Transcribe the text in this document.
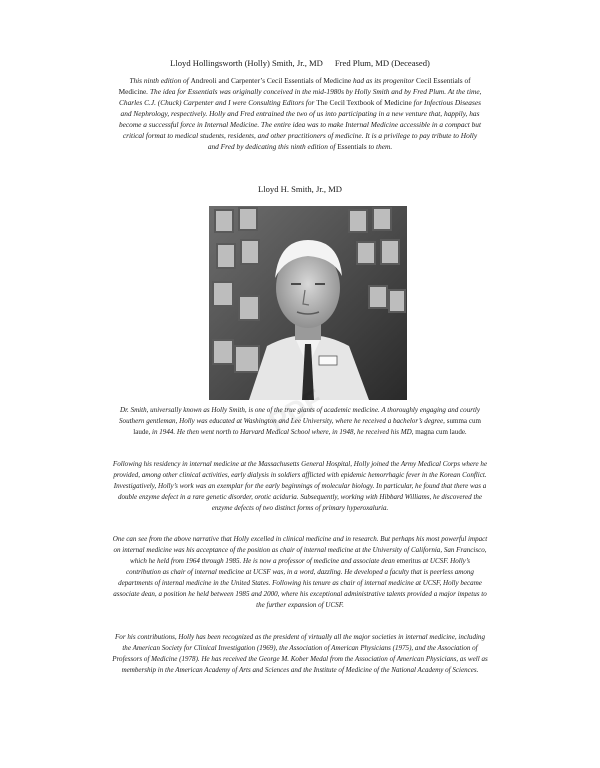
Lloyd Hollingsworth (Holly) Smith, Jr., MD Fred Plum, MD (Deceased)
This ninth edition of Andreoli and Carpenter’s Cecil Essentials of Medicine had as its progenitor Cecil Essentials of Medicine. The idea for Essentials was originally conceived in the mid-1980s by Holly Smith and by Fred Plum. At the time, Charles C.J. (Chuck) Carpenter and I were Consulting Editors for The Cecil Textbook of Medicine for Infectious Diseases and Nephrology, respectively. Holly and Fred entrained the two of us into participating in a new venture that, happily, has become a successful force in Internal Medicine. The entire idea was to make Internal Medicine accessible in a compact but critical format to medical students, residents, and other practitioners of medicine. It is a privilege to pay tribute to Holly and Fred by dedicating this ninth edition of Essentials to them.
Lloyd H. Smith, Jr., MD
PDF
Dr. Smith, universally known as Holly Smith, is one of the true giants of academic medicine. A thoroughly engaging and courtly Southern gentleman, Holly was educated at Washington and Lee University, where he received a bachelor’s degree, summa cum laude, in 1944. He then went north to Harvard Medical School where, in 1948, he received his MD, magna cum laude.
Following his residency in internal medicine at the Massachusetts General Hospital, Holly joined the Army Medical Corps where he provided, among other clinical activities, early dialysis in soldiers afflicted with epidemic hemorrhagic fever in the Korean Conflict. Investigatively, Holly’s work was an exemplar for the early beginnings of molecular biology. In particular, he found that there was a double enzyme defect in a rare genetic disorder, orotic aciduria. Subsequently, working with Hibbard Williams, he discovered the enzyme defects of two distinct forms of primary hyperoxaluria.
One can see from the above narrative that Holly excelled in clinical medicine and in research. But perhaps his most powerful impact on internal medicine was his acceptance of the position as chair of internal medicine at the University of California, San Francisco, which he held from 1964 through 1985. He is now a professor of medicine and associate dean emeritus at UCSF. Holly’s contribution as chair of internal medicine at UCSF was, in a word, dazzling. He developed a faculty that is peerless among departments of internal medicine in the United States. Following his tenure as chair of internal medicine at UCSF, Holly became associate dean, a position he held between 1985 and 2000, where his exceptional administrative talents provided a major impetus to the further expansion of UCSF.
For his contributions, Holly has been recognized as the president of virtually all the major societies in internal medicine, including the American Society for Clinical Investigation (1969), the Association of American Physicians (1975), and the Association of Professors of Medicine (1978). He has received the George M. Kober Medal from the Association of American Physicians, as well as membership in the American Academy of Arts and Sciences and the Institute of Medicine of the National Academy of Sciences.
